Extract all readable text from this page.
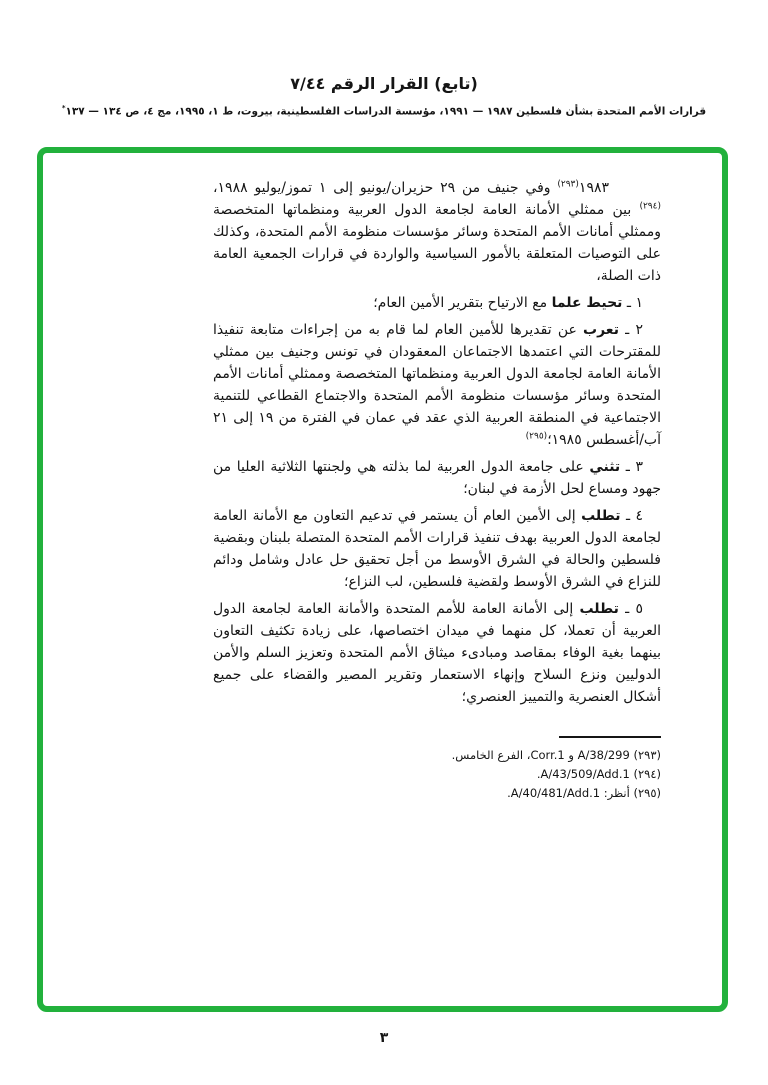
(تابع) القرار الرقم ٧/٤٤
قرارات الأمم المتحدة بشأن فلسطين ١٩٨٧ — ١٩٩١، مؤسسة الدراسات الفلسطينية، بيروت، ط ١، ١٩٩٥، مج ٤، ص ١٣٤ — ١٣٧*

١٩٨٣$^{(٢٩٣)}$ وفي جنيف من ٢٩ حزيران/يونيو إلى ١ تموز/يوليو ١٩٨٨،$^{(٢٩٤)}$ بين ممثلي الأمانة العامة لجامعة الدول العربية ومنظماتها المتخصصة وممثلي أمانات الأمم المتحدة وسائر مؤسسات منظومة الأمم المتحدة، وكذلك على التوصيات المتعلقة بالأمور السياسية والواردة في قرارات الجمعية العامة ذات الصلة،

١ ـ تحيط علما مع الارتياح بتقرير الأمين العام؛

٢ ـ تعرب عن تقديرها للأمين العام لما قام به من إجراءات متابعة تنفيذا للمقترحات التي اعتمدها الاجتماعان المعقودان في تونس وجنيف بين ممثلي الأمانة العامة لجامعة الدول العربية ومنظماتها المتخصصة وممثلي أمانات الأمم المتحدة وسائر مؤسسات منظومة الأمم المتحدة والاجتماع القطاعي للتنمية الاجتماعية في المنطقة العربية الذي عقد في عمان في الفترة من ١٩ إلى ٢١ آب/أغسطس ١٩٨٥؛$^{(٢٩٥)}$

٣ ـ تثني على جامعة الدول العربية لما بذلته هي ولجنتها الثلاثية العليا من جهود ومساع لحل الأزمة في لبنان؛

٤ ـ تطلب إلى الأمين العام أن يستمر في تدعيم التعاون مع الأمانة العامة لجامعة الدول العربية بهدف تنفيذ قرارات الأمم المتحدة المتصلة بلبنان وبقضية فلسطين والحالة في الشرق الأوسط من أجل تحقيق حل عادل وشامل ودائم للنزاع في الشرق الأوسط ولقضية فلسطين، لب النزاع؛

٥ ـ تطلب إلى الأمانة العامة للأمم المتحدة والأمانة العامة لجامعة الدول العربية أن تعملا، كل منهما في ميدان اختصاصها، على زيادة تكثيف التعاون بينهما بغية الوفاء بمقاصد ومبادىء ميثاق الأمم المتحدة وتعزيز السلم والأمن الدوليين ونزع السلاح وإنهاء الاستعمار وتقرير المصير والقضاء على جميع أشكال العنصرية والتمييز العنصري؛

(٢٩٣) A/38/299 و Corr.1، الفرع الخامس.
(٢٩٤) A/43/509/Add.1.
(٢٩٥) أنظر: A/40/481/Add.1.
٣
